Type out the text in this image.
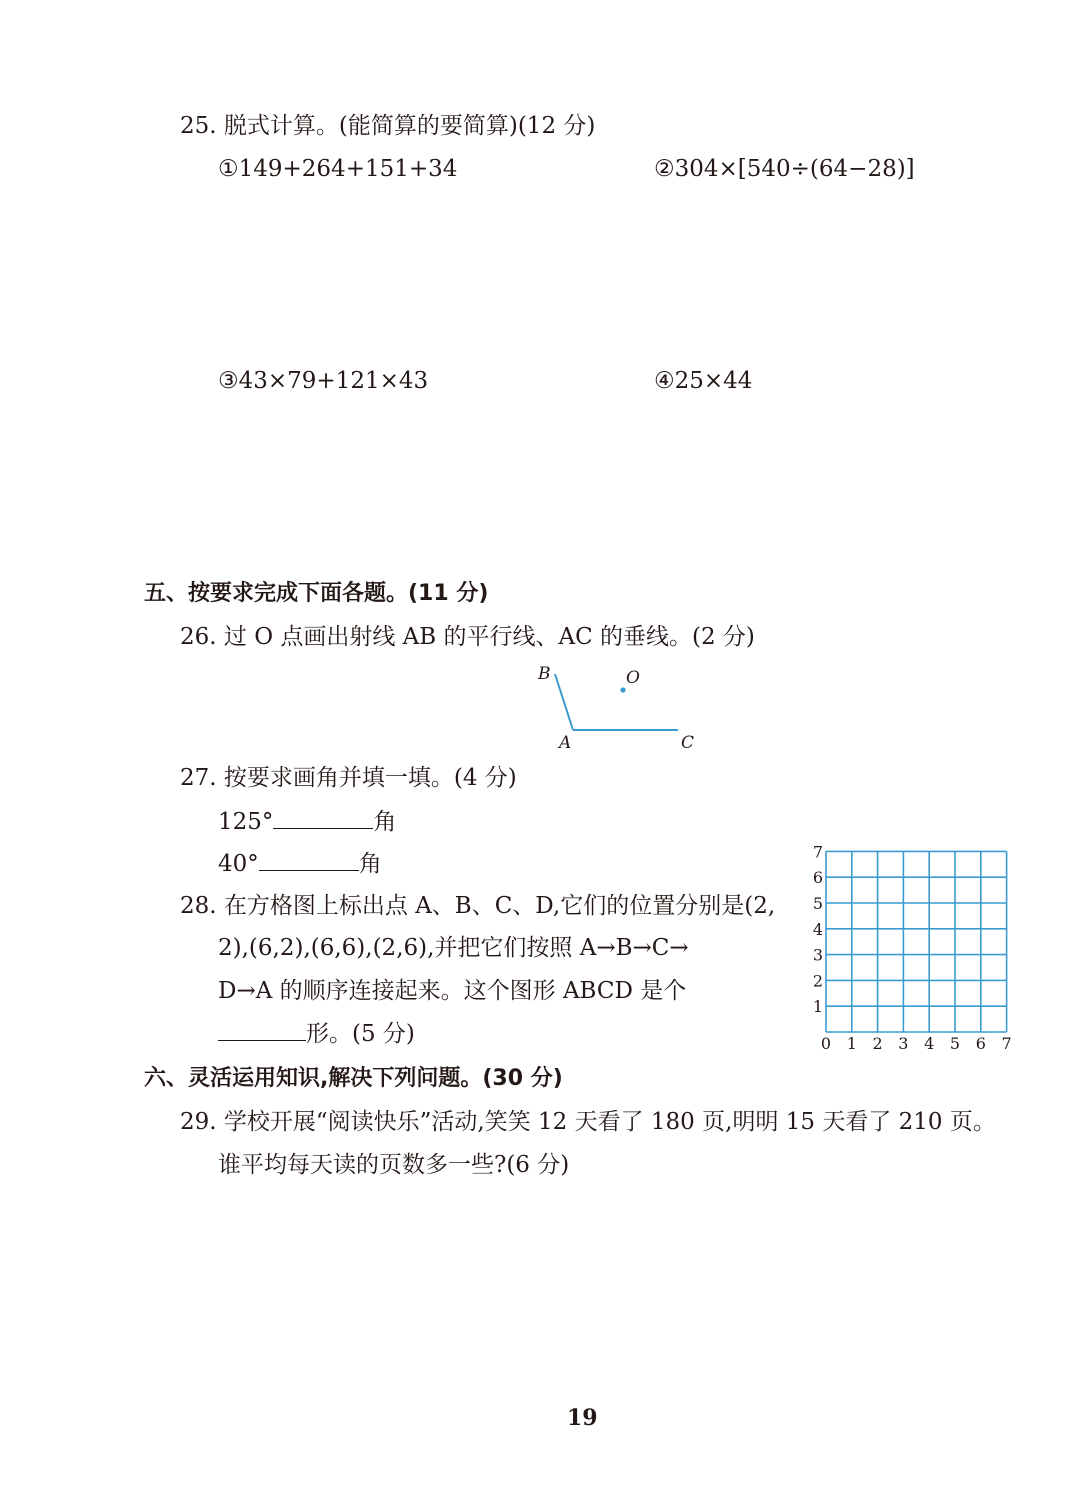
25. 脱式计算。(能简算的要简算)(12 分)
①149+264+151+34	②304×[540÷(64−28)]
③43×79+121×43	④25×44
五、按要求完成下面各题。(11 分)
26. 过 O 点画出射线 AB 的平行线、AC 的垂线。(2 分)
B	O
A	C
27. 按要求画角并填一填。(4 分)
125°	角
40°	角
28. 在方格图上标出点 A、B、C、D,它们的位置分别是(2,
2),(6,2),(6,6),(2,6),并把它们按照 A→B→C→
D→A 的顺序连接起来。这个图形 ABCD 是个
形。(5 分)	0 1 2 3 4 5 6 7
1
2
3
4
5
6
7
六、灵活运用知识,解决下列问题。(30 分)
29. 学校开展“阅读快乐”活动,笑笑 12 天看了 180 页,明明 15 天看了 210 页。
谁平均每天读的页数多一些?(6 分)
19
